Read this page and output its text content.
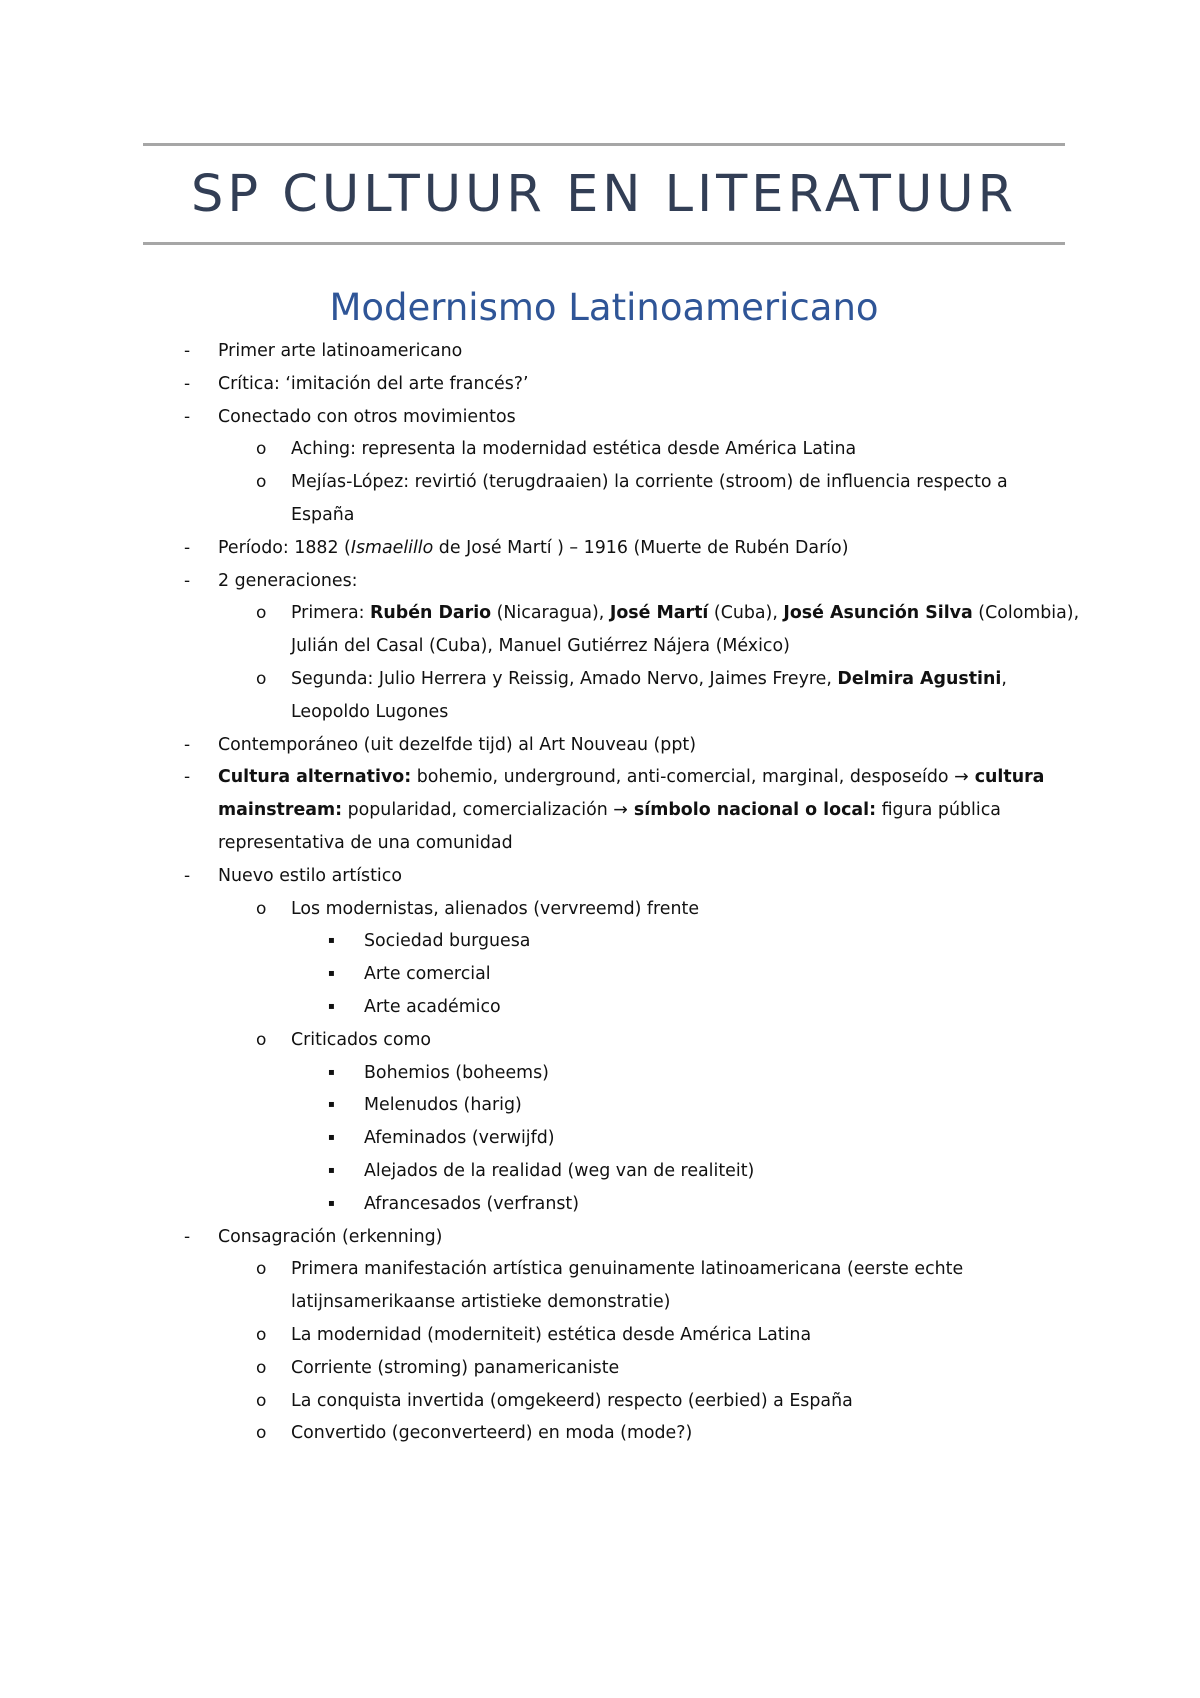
SP CULTUUR EN LITERATUUR
Modernismo Latinoamericano
- Primer arte latinoamericano
- Crítica: ‘imitación del arte francés?’
- Conectado con otros movimientos
o Aching: representa la modernidad estética desde América Latina
o Mejías-López: revirtió (terugdraaien) la corriente (stroom) de influencia respecto a
España
- Período: 1882 (Ismaelillo de José Martí ) – 1916 (Muerte de Rubén Darío)
- 2 generaciones:
o Primera: Rubén Dario (Nicaragua), José Martí (Cuba), José Asunción Silva (Colombia),
Julián del Casal (Cuba), Manuel Gutiérrez Nájera (México)
o Segunda: Julio Herrera y Reissig, Amado Nervo, Jaimes Freyre, Delmira Agustini,
Leopoldo Lugones
- Contemporáneo (uit dezelfde tijd) al Art Nouveau (ppt)
- Cultura alternativo: bohemio, underground, anti-comercial, marginal, desposeído → cultura
mainstream: popularidad, comercialización → símbolo nacional o local: figura pública
representativa de una comunidad
- Nuevo estilo artístico
o Los modernistas, alienados (vervreemd) frente
▪ Sociedad burguesa
▪ Arte comercial
▪ Arte académico
o Criticados como
▪ Bohemios (boheems)
▪ Melenudos (harig)
▪ Afeminados (verwijfd)
▪ Alejados de la realidad (weg van de realiteit)
▪ Afrancesados (verfranst)
- Consagración (erkenning)
o Primera manifestación artística genuinamente latinoamericana (eerste echte
latijnsamerikaanse artistieke demonstratie)
o La modernidad (moderniteit) estética desde América Latina
o Corriente (stroming) panamericaniste
o La conquista invertida (omgekeerd) respecto (eerbied) a España
o Convertido (geconverteerd) en moda (mode?)
